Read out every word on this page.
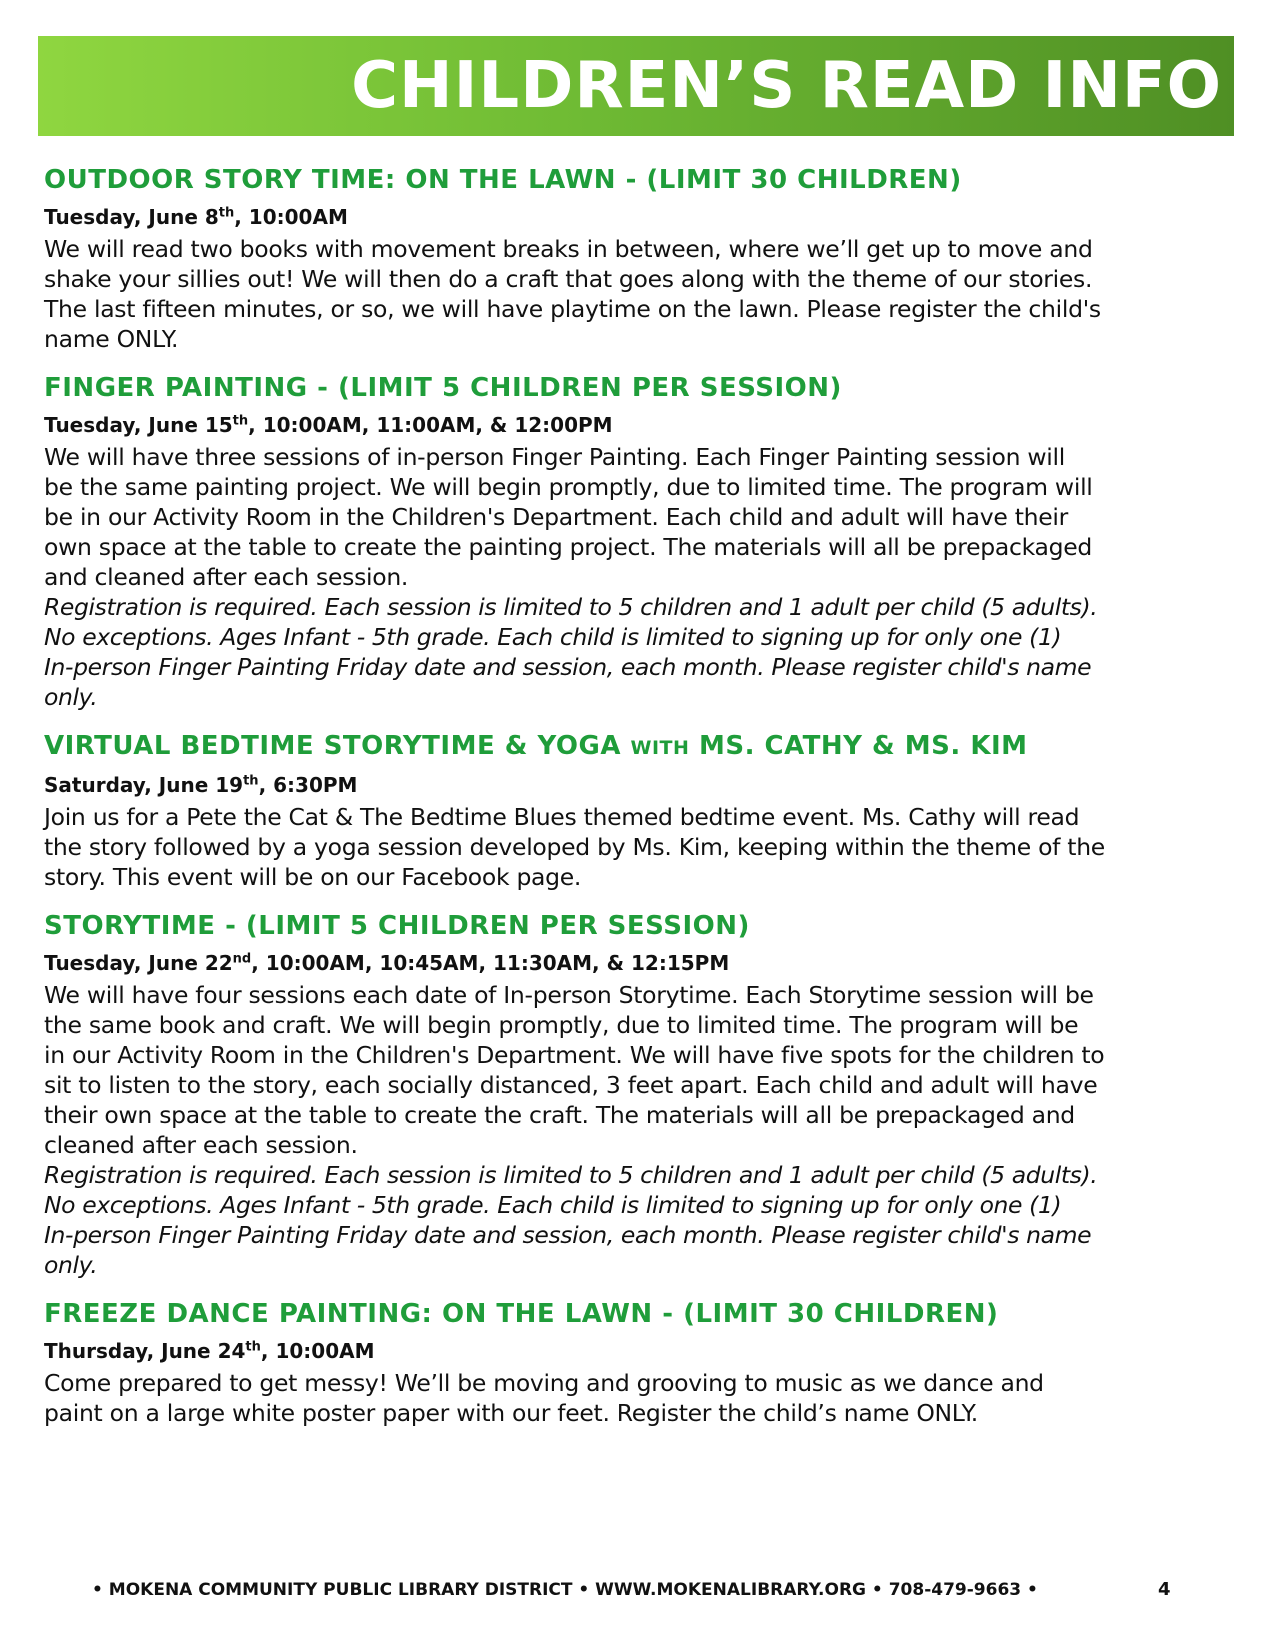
CHILDREN’S READ INFO
OUTDOOR STORY TIME: ON THE LAWN - (LIMIT 30 CHILDREN)
Tuesday, June 8th, 10:00AM
We will read two books with movement breaks in between, where we’ll get up to move and
shake your sillies out! We will then do a craft that goes along with the theme of our stories.
The last fifteen minutes, or so, we will have playtime on the lawn. Please register the child's
name ONLY.
FINGER PAINTING - (LIMIT 5 CHILDREN PER SESSION)
Tuesday, June 15th, 10:00AM, 11:00AM, & 12:00PM
We will have three sessions of in-person Finger Painting. Each Finger Painting session will
be the same painting project. We will begin promptly, due to limited time. The program will
be in our Activity Room in the Children's Department. Each child and adult will have their
own space at the table to create the painting project. The materials will all be prepackaged
and cleaned after each session.
Registration is required. Each session is limited to 5 children and 1 adult per child (5 adults).
No exceptions. Ages Infant - 5th grade. Each child is limited to signing up for only one (1)
In-person Finger Painting Friday date and session, each month. Please register child's name
only.
VIRTUAL BEDTIME STORYTIME & YOGA WITH MS. CATHY & MS. KIM
Saturday, June 19th, 6:30PM
Join us for a Pete the Cat & The Bedtime Blues themed bedtime event. Ms. Cathy will read
the story followed by a yoga session developed by Ms. Kim, keeping within the theme of the
story. This event will be on our Facebook page.
STORYTIME - (LIMIT 5 CHILDREN PER SESSION)
Tuesday, June 22nd, 10:00AM, 10:45AM, 11:30AM, & 12:15PM
We will have four sessions each date of In-person Storytime. Each Storytime session will be
the same book and craft. We will begin promptly, due to limited time. The program will be
in our Activity Room in the Children's Department. We will have five spots for the children to
sit to listen to the story, each socially distanced, 3 feet apart. Each child and adult will have
their own space at the table to create the craft. The materials will all be prepackaged and
cleaned after each session.
Registration is required. Each session is limited to 5 children and 1 adult per child (5 adults).
No exceptions. Ages Infant - 5th grade. Each child is limited to signing up for only one (1)
In-person Finger Painting Friday date and session, each month. Please register child's name
only.
FREEZE DANCE PAINTING: ON THE LAWN - (LIMIT 30 CHILDREN)
Thursday, June 24th, 10:00AM
Come prepared to get messy! We’ll be moving and grooving to music as we dance and
paint on a large white poster paper with our feet. Register the child’s name ONLY.
• MOKENA COMMUNITY PUBLIC LIBRARY DISTRICT • WWW.MOKENALIBRARY.ORG • 708-479-9663 •	4
